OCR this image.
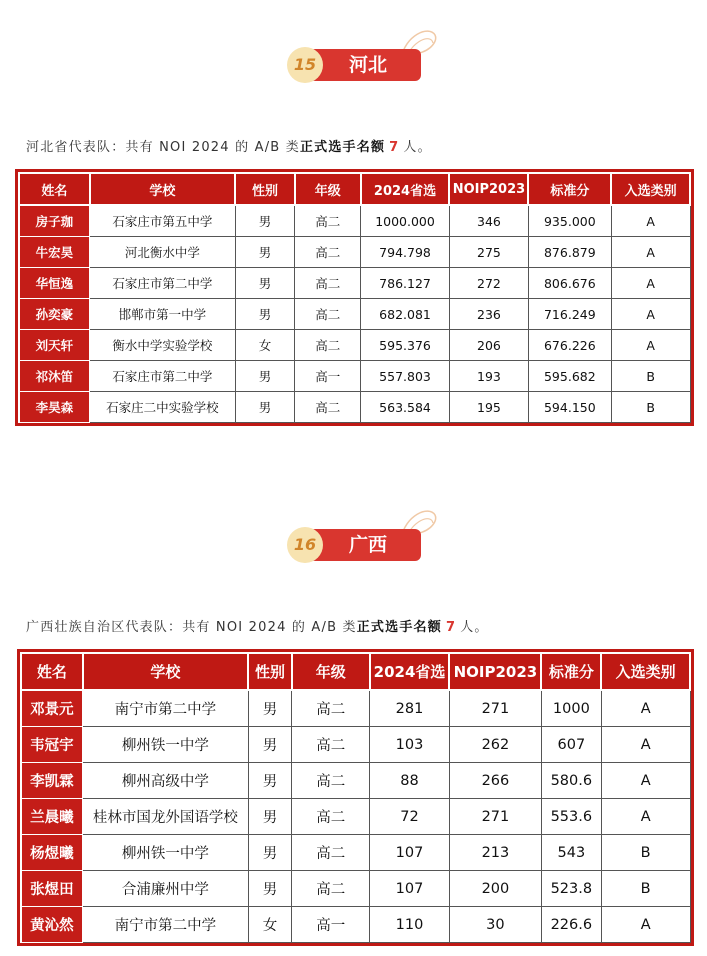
河北
15
河北省代表队：共有 NOI 2024 的 A/B 类正式选手名额 7 人。
姓名	学校	性别	年级	2024省选	NOIP2023	标准分	入选类别
房子珈	石家庄市第五中学	男	高二	1000.000	346	935.000	A
牛宏昊	河北衡水中学	男	高二	794.798	275	876.879	A
华恒逸	石家庄市第二中学	男	高二	786.127	272	806.676	A
孙奕豪	邯郸市第一中学	男	高二	682.081	236	716.249	A
刘天轩	衡水中学实验学校	女	高二	595.376	206	676.226	A
祁沐笛	石家庄市第二中学	男	高一	557.803	193	595.682	B
李昊森	石家庄二中实验学校	男	高二	563.584	195	594.150	B
广西
16
广西壮族自治区代表队：共有 NOI 2024 的 A/B 类正式选手名额 7 人。
姓名	学校	性别	年级	2024省选	NOIP2023	标准分	入选类别
邓景元	南宁市第二中学	男	高二	281	271	1000	A
韦冠宇	柳州铁一中学	男	高二	103	262	607	A
李凯霖	柳州高级中学	男	高二	88	266	580.6	A
兰晨曦	桂林市国龙外国语学校	男	高二	72	271	553.6	A
杨煜曦	柳州铁一中学	男	高二	107	213	543	B
张煜田	合浦廉州中学	男	高二	107	200	523.8	B
黄沁然	南宁市第二中学	女	高一	110	30	226.6	A
